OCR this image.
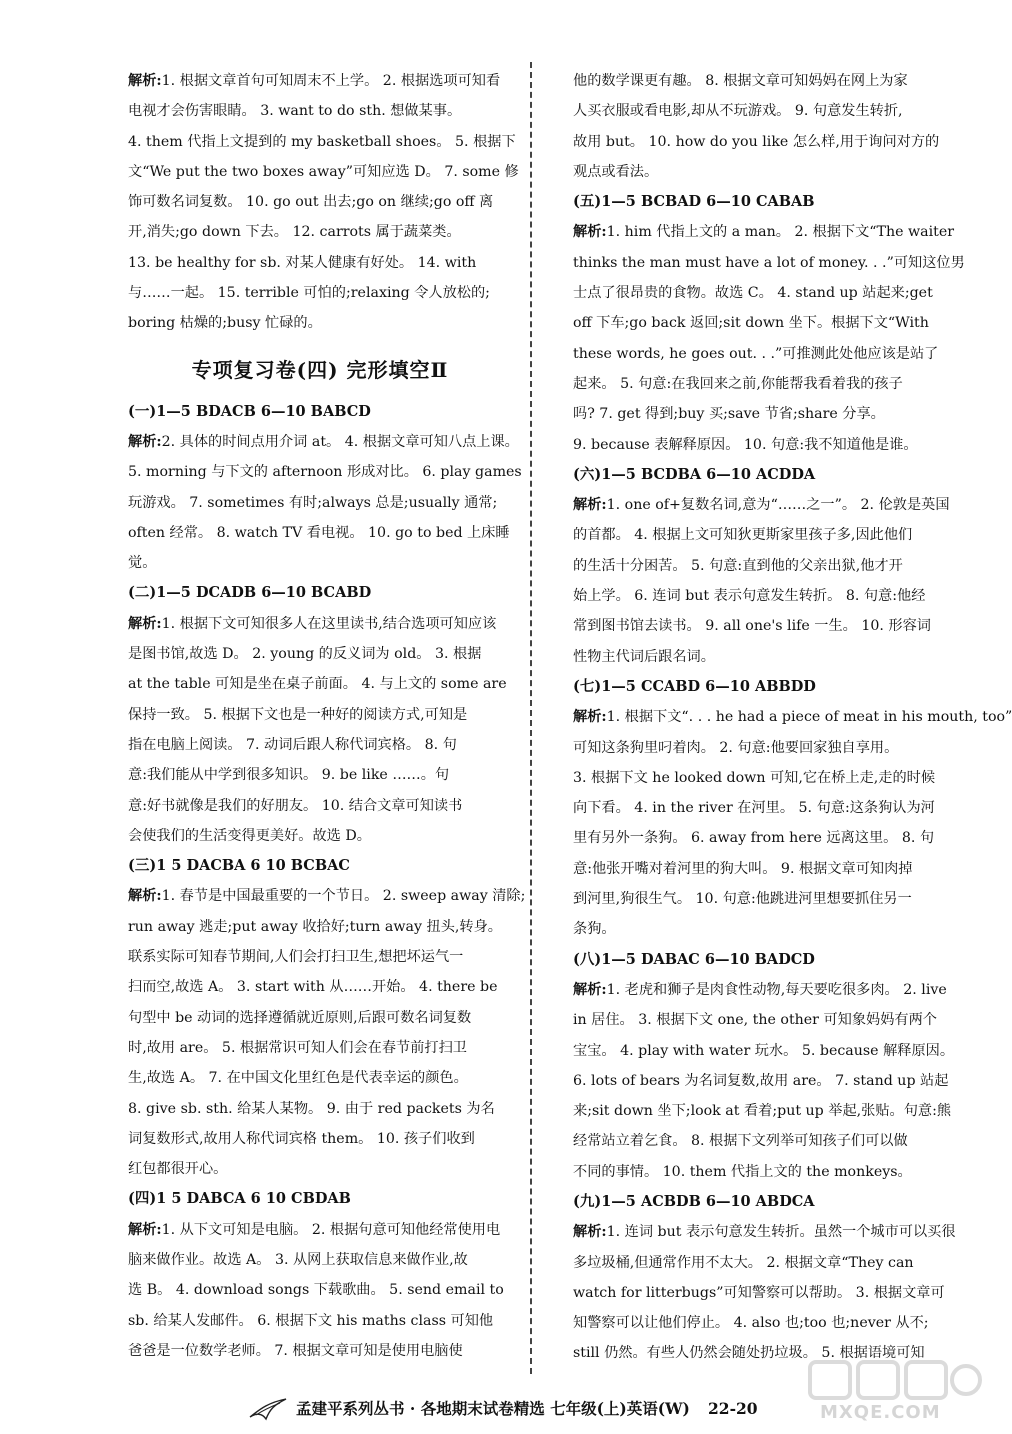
解析:1. 根据文章首句可知周末不上学。 2. 根据选项可知看
电视才会伤害眼睛。 3. want to do sth. 想做某事。
4. them 代指上文提到的 my basketball shoes。 5. 根据下
文“We put the two boxes away”可知应选 D。 7. some 修
饰可数名词复数。 10. go out 出去;go on 继续;go off 离
开,消失;go down 下去。 12. carrots 属于蔬菜类。
13. be healthy for sb. 对某人健康有好处。 14. with
与……一起。 15. terrible 可怕的;relaxing 令人放松的;
boring 枯燥的;busy 忙碌的。
专项复习卷(四) 完形填空Ⅱ
(一)1—5 BDACB 6—10 BABCD
解析:2. 具体的时间点用介词 at。 4. 根据文章可知八点上课。
5. morning 与下文的 afternoon 形成对比。 6. play games
玩游戏。 7. sometimes 有时;always 总是;usually 通常;
often 经常。 8. watch TV 看电视。 10. go to bed 上床睡
觉。
(二)1—5 DCADB 6—10 BCABD
解析:1. 根据下文可知很多人在这里读书,结合选项可知应该
是图书馆,故选 D。 2. young 的反义词为 old。 3. 根据
at the table 可知是坐在桌子前面。 4. 与上文的 some are
保持一致。 5. 根据下文也是一种好的阅读方式,可知是
指在电脑上阅读。 7. 动词后跟人称代词宾格。 8. 句
意:我们能从中学到很多知识。 9. be like ……。句
意:好书就像是我们的好朋友。 10. 结合文章可知读书
会使我们的生活变得更美好。故选 D。
(三)1 5 DACBA 6 10 BCBAC
解析:1. 春节是中国最重要的一个节日。 2. sweep away 清除;
run away 逃走;put away 收拾好;turn away 扭头,转身。
联系实际可知春节期间,人们会打扫卫生,想把坏运气一
扫而空,故选 A。 3. start with 从……开始。 4. there be
句型中 be 动词的选择遵循就近原则,后跟可数名词复数
时,故用 are。 5. 根据常识可知人们会在春节前打扫卫
生,故选 A。 7. 在中国文化里红色是代表幸运的颜色。
8. give sb. sth. 给某人某物。 9. 由于 red packets 为名
词复数形式,故用人称代词宾格 them。 10. 孩子们收到
红包都很开心。
(四)1 5 DABCA 6 10 CBDAB
解析:1. 从下文可知是电脑。 2. 根据句意可知他经常使用电
脑来做作业。故选 A。 3. 从网上获取信息来做作业,故
选 B。 4. download songs 下载歌曲。 5. send email to
sb. 给某人发邮件。 6. 根据下文 his maths class 可知他
爸爸是一位数学老师。 7. 根据文章可知是使用电脑使
他的数学课更有趣。 8. 根据文章可知妈妈在网上为家
人买衣服或看电影,却从不玩游戏。 9. 句意发生转折,
故用 but。 10. how do you like 怎么样,用于询问对方的
观点或看法。
(五)1—5 BCBAD 6—10 CABAB
解析:1. him 代指上文的 a man。 2. 根据下文“The waiter
thinks the man must have a lot of money. . .”可知这位男
士点了很昂贵的食物。故选 C。 4. stand up 站起来;get
off 下车;go back 返回;sit down 坐下。根据下文“With
these words, he goes out. . .”可推测此处他应该是站了
起来。 5. 句意:在我回来之前,你能帮我看着我的孩子
吗? 7. get 得到;buy 买;save 节省;share 分享。
9. because 表解释原因。 10. 句意:我不知道他是谁。
(六)1—5 BCDBA 6—10 ACDDA
解析:1. one of+复数名词,意为“……之一”。 2. 伦敦是英国
的首都。 4. 根据上文可知狄更斯家里孩子多,因此他们
的生活十分困苦。 5. 句意:直到他的父亲出狱,他才开
始上学。 6. 连词 but 表示句意发生转折。 8. 句意:他经
常到图书馆去读书。 9. all one's life 一生。 10. 形容词
性物主代词后跟名词。
(七)1—5 CCABD 6—10 ABBDD
解析:1. 根据下文“. . . he had a piece of meat in his mouth, too”
可知这条狗里叼着肉。 2. 句意:他要回家独自享用。
3. 根据下文 he looked down 可知,它在桥上走,走的时候
向下看。 4. in the river 在河里。 5. 句意:这条狗认为河
里有另外一条狗。 6. away from here 远离这里。 8. 句
意:他张开嘴对着河里的狗大叫。 9. 根据文章可知肉掉
到河里,狗很生气。 10. 句意:他跳进河里想要抓住另一
条狗。
(八)1—5 DABAC 6—10 BADCD
解析:1. 老虎和狮子是肉食性动物,每天要吃很多肉。 2. live
in 居住。 3. 根据下文 one, the other 可知象妈妈有两个
宝宝。 4. play with water 玩水。 5. because 解释原因。
6. lots of bears 为名词复数,故用 are。 7. stand up 站起
来;sit down 坐下;look at 看着;put up 举起,张贴。句意:熊
经常站立着乞食。 8. 根据下文列举可知孩子们可以做
不同的事情。 10. them 代指上文的 the monkeys。
(九)1—5 ACBDB 6—10 ABDCA
解析:1. 连词 but 表示句意发生转折。虽然一个城市可以买很
多垃圾桶,但通常作用不太大。 2. 根据文章“They can
watch for litterbugs”可知警察可以帮助。 3. 根据文章可
知警察可以让他们停止。 4. also 也;too 也;never 从不;
still 仍然。有些人仍然会随处扔垃圾。 5. 根据语境可知
孟建平系列丛书 · 各地期末试卷精选 七年级(上)英语(W) 22-20	MXQE.COM
